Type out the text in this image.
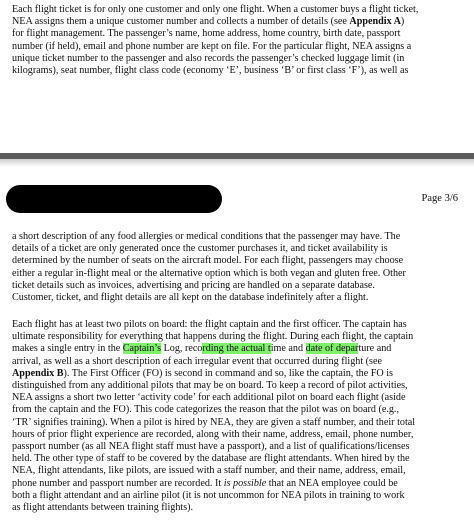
Each flight ticket is for only one customer and only one flight. When a customer buys a flight ticket,
NEA assigns them a unique customer number and collects a number of details (see Appendix A)
for flight management. The passenger’s name, home address, home country, birth date, passport
number (if held), email and phone number are kept on file. For the particular flight, NEA assigns a
unique ticket number to the passenger and also records the passenger’s checked luggage limit (in
kilograms), seat number, flight class code (economy ‘E’, business ‘B’ or first class ‘F’), as well as
Page 3/6
a short description of any food allergies or medical conditions that the passenger may have. The
details of a ticket are only generated once the customer purchases it, and ticket availability is
determined by the number of seats on the aircraft model. For each flight, passengers may choose
either a regular in-flight meal or the alternative option which is both vegan and gluten free. Other
ticket details such as invoices, advertising and pricing are handled on a separate database.
Customer, ticket, and flight details are all kept on the database indefinitely after a flight.
Each flight has at least two pilots on board: the flight captain and the first officer. The captain has
ultimate responsibility for everything that happens during the flight. During each flight, the captain
makes a single entry in the Captain’s Log, recording the actual time and date of departure and
arrival, as well as a short description of each irregular event that occurred during flight (see
Appendix B). The First Officer (FO) is second in command and so, like the captain, the FO is
distinguished from any additional pilots that may be on board. To keep a record of pilot activities,
NEA assigns a short two letter ‘activity code’ for each additional pilot on board each flight (aside
from the captain and the FO). This code categorizes the reason that the pilot was on board (e.g.,
‘TR’ signifies training). When a pilot is hired by NEA, they are given a staff number, and their total
hours of prior flight experience are recorded, along with their name, address, email, phone number,
passport number (as all NEA flight staff must have a passport), and a list of qualifications/licenses
held. The other type of staff to be covered by the database are flight attendants. When hired by the
NEA, flight attendants, like pilots, are issued with a staff number, and their name, address, email,
phone number and passport number are recorded. It is possible that an NEA employee could be
both a flight attendant and an airline pilot (it is not uncommon for NEA pilots in training to work
as flight attendants between training flights).
